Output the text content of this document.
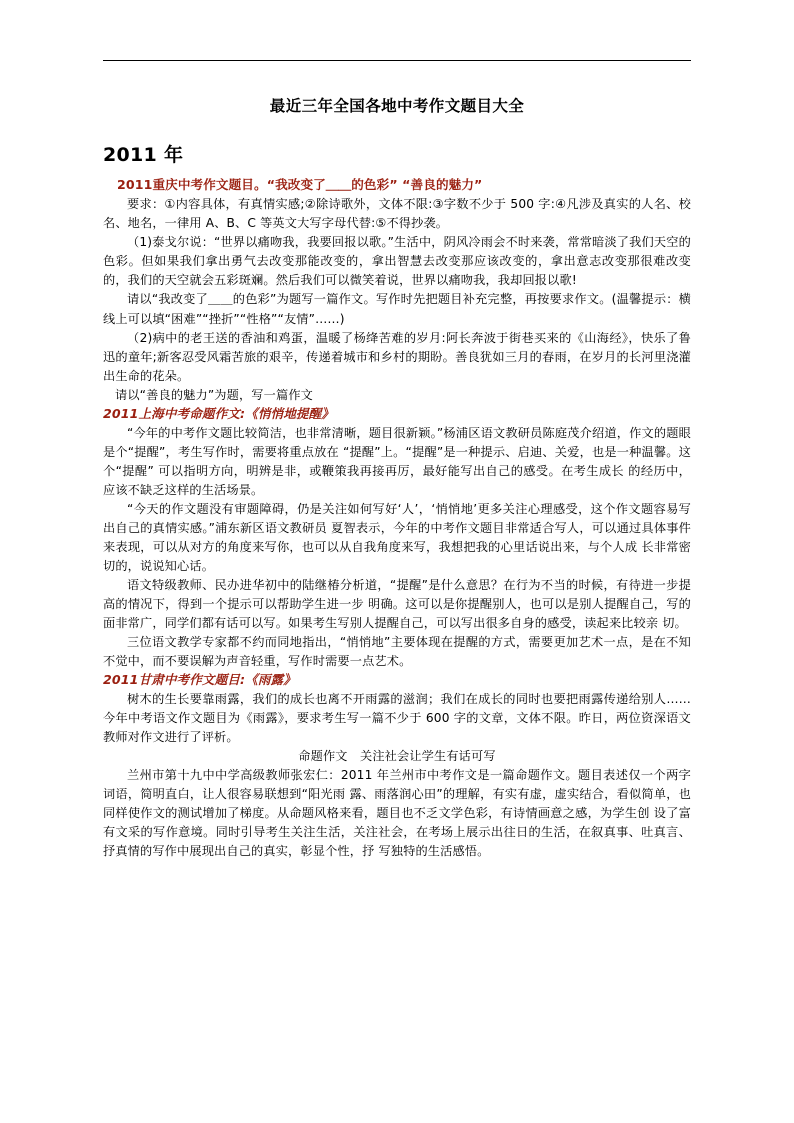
最近三年全国各地中考作文题目大全
2011 年
2011重庆中考作文题目。“我改变了＿＿的色彩” “善良的魅力”

要求：①内容具体，有真情实感;②除诗歌外，文体不限:③字数不少于 500 字:④凡涉及真实的人名、校名、地名，一律用 A、B、C 等英文大写字母代替:⑤不得抄袭。

（1)泰戈尔说：“世界以痛吻我，我要回报以歌。”生活中，阴风冷雨会不时来袭，常常暗淡了我们天空的色彩。但如果我们拿出勇气去改变那能改变的，拿出智慧去改变那应该改变的，拿出意志改变那很难改变的，我们的天空就会五彩斑斓。然后我们可以微笑着说，世界以痛吻我，我却回报以歌!

请以“我改变了＿＿的色彩”为题写一篇作文。写作时先把题目补充完整，再按要求作文。(温馨提示：横线上可以填“困难”“挫折”“性格”“友情”……)

（2)病中的老王送的香油和鸡蛋，温暖了杨绛苦难的岁月:阿长奔波于街巷买来的《山海经》，快乐了鲁迅的童年;新客忍受风霜苦旅的艰辛，传递着城市和乡村的期盼。善良犹如三月的春雨，在岁月的长河里浇灌出生命的花朵。

请以“善良的魅力”为题，写一篇作文

2011上海中考命题作文:《悄悄地提醒》

“今年的中考作文题比较简洁，也非常清晰，题目很新颖。”杨浦区语文教研员陈庭茂介绍道，作文的题眼是个“提醒”，考生写作时，需要将重点放在 “提醒”上。“提醒”是一种提示、启迪、关爱，也是一种温馨。这个“提醒” 可以指明方向，明辨是非，或鞭策我再接再厉，最好能写出自己的感受。在考生成长 的经历中，应该不缺乏这样的生活场景。

“今天的作文题没有审题障碍，仍是关注如何写好‘人’，‘悄悄地’更多关注心理感受，这个作文题容易写出自己的真情实感。”浦东新区语文教研员 夏智表示，今年的中考作文题目非常适合写人，可以通过具体事件来表现，可以从对方的角度来写你，也可以从自我角度来写，我想把我的心里话说出来，与个人成 长非常密切的，说说知心话。

语文特级教师、民办进华初中的陆继椿分析道，“提醒”是什么意思？在行为不当的时候，有待进一步提高的情况下，得到一个提示可以帮助学生进一步 明确。这可以是你提醒别人，也可以是别人提醒自己，写的面非常广，同学们都有话可以写。如果考生写别人提醒自己，可以写出很多自身的感受，读起来比较亲 切。

三位语文教学专家都不约而同地指出，“悄悄地”主要体现在提醒的方式，需要更加艺术一点，是在不知不觉中，而不要误解为声音轻重，写作时需要一点艺术。

2011甘肃中考作文题目:《雨露》

树木的生长要靠雨露，我们的成长也离不开雨露的滋润；我们在成长的同时也要把雨露传递给别人……今年中考语文作文题目为《雨露》，要求考生写一篇不少于 600 字的文章，文体不限。昨日，两位资深语文教师对作文进行了评析。

命题作文　关注社会让学生有话可写

兰州市第十九中中学高级教师张宏仁：2011 年兰州市中考作文是一篇命题作文。题目表述仅一个两字词语，简明直白，让人很容易联想到“阳光雨 露、雨落润心田”的理解，有实有虚，虚实结合，看似简单，也同样使作文的测试增加了梯度。从命题风格来看，题目也不乏文学色彩，有诗情画意之感，为学生创 设了富有文采的写作意境。同时引导考生关注生活，关注社会，在考场上展示出往日的生活，在叙真事、吐真言、抒真情的写作中展现出自己的真实，彰显个性，抒 写独特的生活感悟。
